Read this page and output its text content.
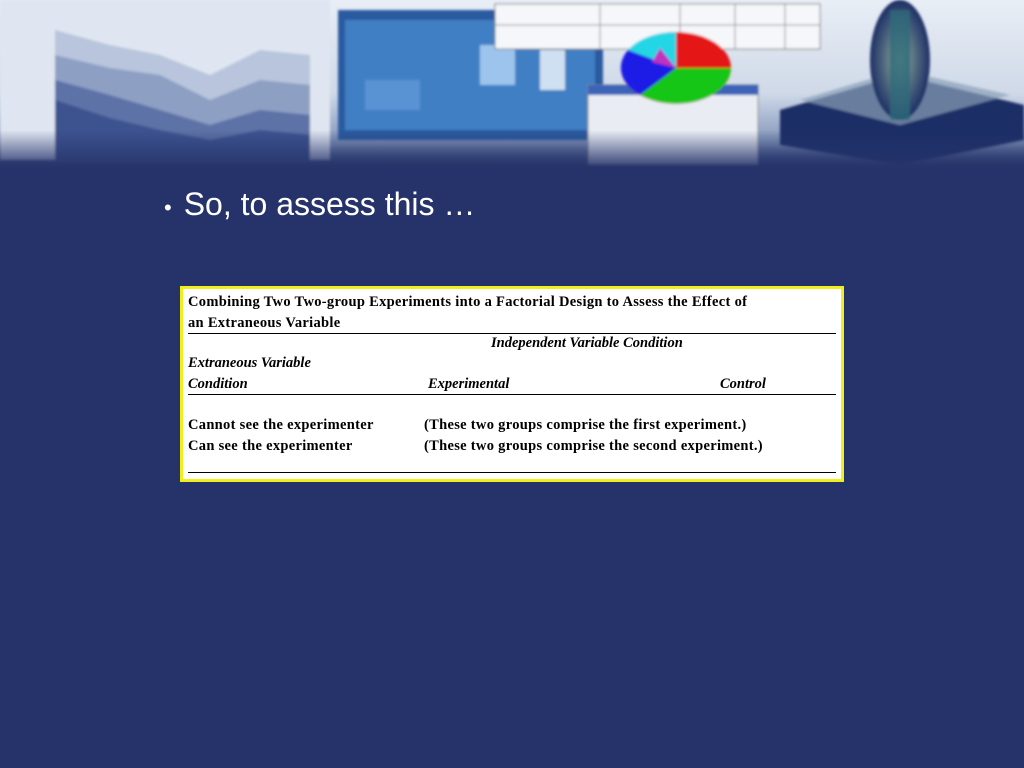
• So, to assess this …
Combining Two Two-group Experiments into a Factorial Design to Assess the Effect of
an Extraneous Variable
Independent Variable Condition
Extraneous Variable
Condition	Experimental	Control
Cannot see the experimenter	(These two groups comprise the first experiment.)
Can see the experimenter	(These two groups comprise the second experiment.)
